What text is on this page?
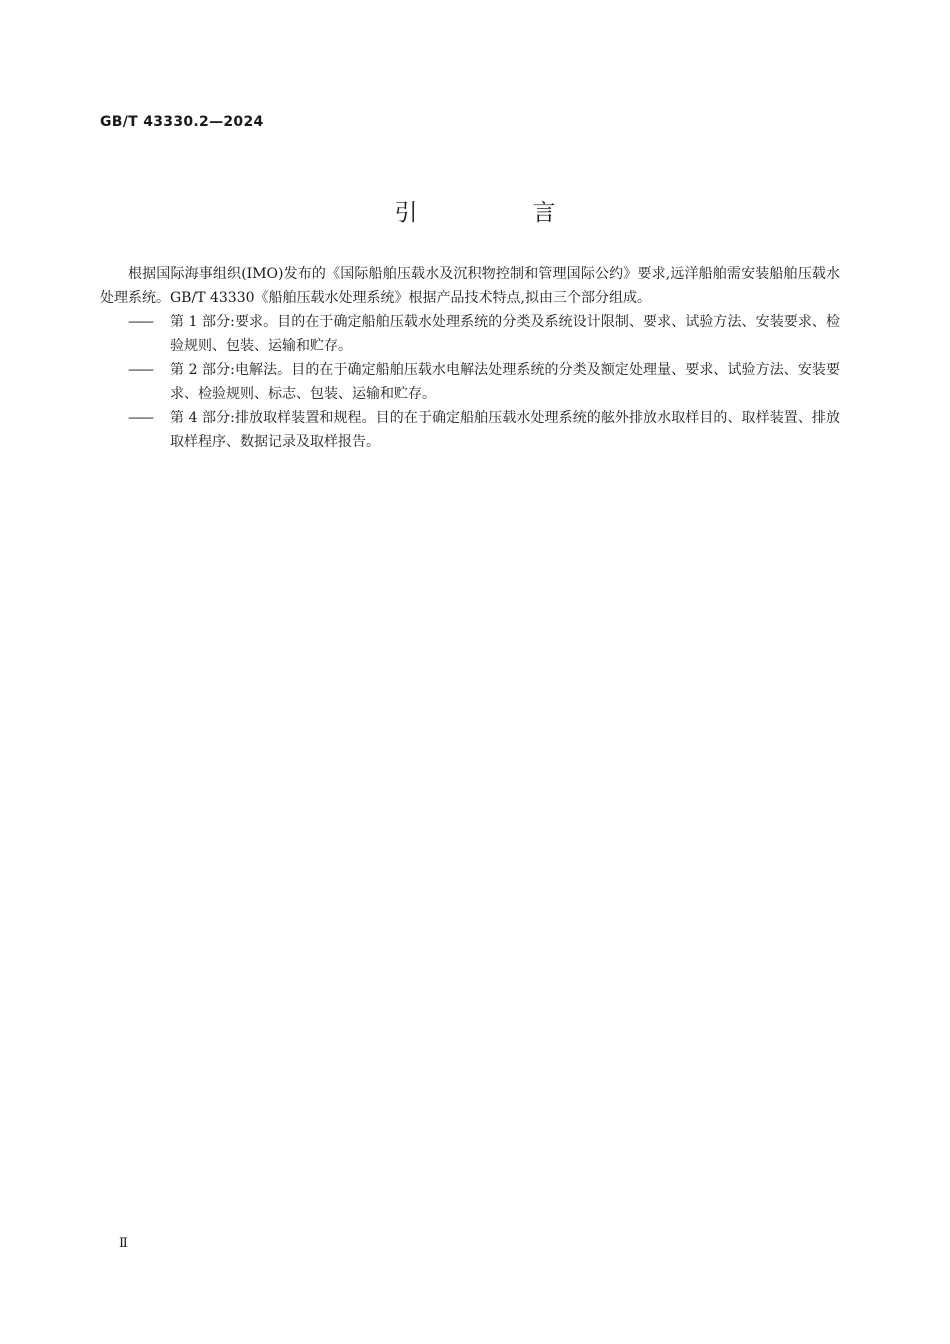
GB/T 43330.2—2024
引　言

根据国际海事组织(IMO)发布的《国际船舶压载水及沉积物控制和管理国际公约》要求,远洋船舶需安装船舶压载水处理系统。GB/T 43330《船舶压载水处理系统》根据产品技术特点,拟由三个部分组成。

——	第 1 部分:要求。目的在于确定船舶压载水处理系统的分类及系统设计限制、要求、试验方法、安装要求、检验规则、包装、运输和贮存。
——	第 2 部分:电解法。目的在于确定船舶压载水电解法处理系统的分类及额定处理量、要求、试验方法、安装要求、检验规则、标志、包装、运输和贮存。
——	第 4 部分:排放取样装置和规程。目的在于确定船舶压载水处理系统的舷外排放水取样目的、取样装置、排放取样程序、数据记录及取样报告。
Ⅱ
